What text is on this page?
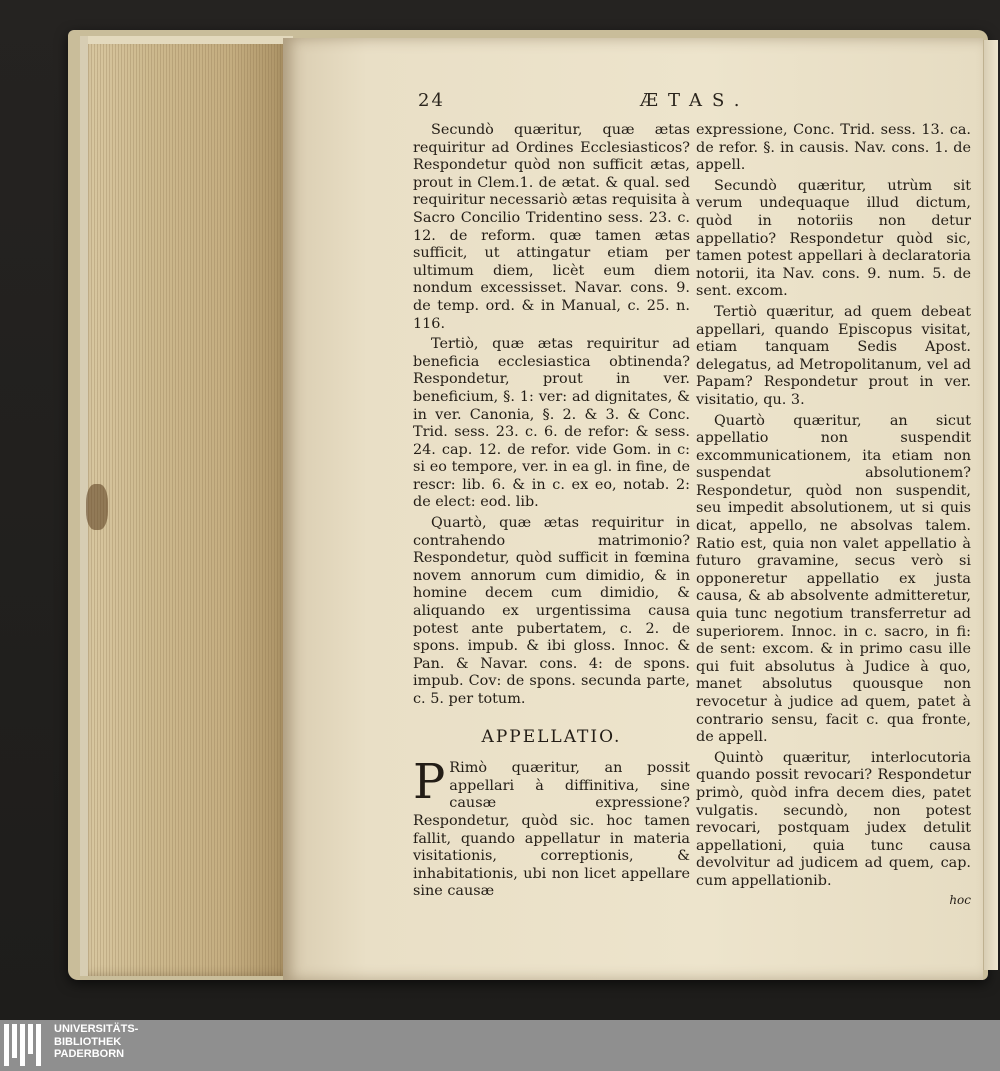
24	ÆTAS.

Secundò quæritur, quæ ætas requiritur ad Ordines Ecclesiasticos? Respondetur quòd non sufficit ætas, prout in Clem.1. de ætat. & qual. sed requiritur necessariò ætas requisita à Sacro Concilio Tridentino sess. 23. c. 12. de reform. quæ tamen ætas sufficit, ut attingatur etiam per ultimum diem, licèt eum diem nondum excessisset. Navar. cons. 9. de temp. ord. & in Manual, c. 25. n. 116.

Tertiò, quæ ætas requiritur ad beneficia ecclesiastica obtinenda? Respondetur, prout in ver. beneficium, §. 1: ver: ad dignitates, & in ver. Canonia, §. 2. & 3. & Conc. Trid. sess. 23. c. 6. de refor: & sess. 24. cap. 12. de refor. vide Gom. in c: si eo tempore, ver. in ea gl. in fine, de rescr: lib. 6. & in c. ex eo, notab. 2: de elect: eod. lib.

Quartò, quæ ætas requiritur in contrahendo matrimonio? Respondetur, quòd sufficit in fœmina novem annorum cum dimidio, & in homine decem cum dimidio, & aliquando ex urgentissima causa potest ante pubertatem, c. 2. de spons. impub. & ibi gloss. Innoc. & Pan. & Navar. cons. 4: de spons. impub. Cov: de spons. secunda parte, c. 5. per totum.

APPELLATIO.

P Rimò quæritur, an possit appellari à diffinitiva, sine causæ expressione? Respondetur, quòd sic. hoc tamen fallit, quando appellatur in materia visitationis, correptionis, & inhabitationis, ubi non licet appellare sine causæ

expressione, Conc. Trid. sess. 13. ca. de refor. §. in causis. Nav. cons. 1. de appell.

Secundò quæritur, utrùm sit verum undequaque illud dictum, quòd in notoriis non detur appellatio? Respondetur quòd sic, tamen potest appellari à declaratoria notorii, ita Nav. cons. 9. num. 5. de sent. excom.

Tertiò quæritur, ad quem debeat appellari, quando Episcopus visitat, etiam tanquam Sedis Apost. delegatus, ad Metropolitanum, vel ad Papam? Respondetur prout in ver. visitatio, qu. 3.

Quartò quæritur, an sicut appellatio non suspendit excommunicationem, ita etiam non suspendat absolutionem? Respondetur, quòd non suspendit, seu impedit absolutionem, ut si quis dicat, appello, ne absolvas talem. Ratio est, quia non valet appellatio à futuro gravamine, secus verò si opponeretur appellatio ex justa causa, & ab absolvente admitteretur, quia tunc negotium transferretur ad superiorem. Innoc. in c. sacro, in fi: de sent: excom. & in primo casu ille qui fuit absolutus à Judice à quo, manet absolutus quousque non revocetur à judice ad quem, patet à contrario sensu, facit c. qua fronte, de appell.

Quintò quæritur, interlocutoria quando possit revocari? Respondetur primò, quòd infra decem dies, patet vulgatis. secundò, non potest revocari, postquam judex detulit appellationi, quia tunc causa devolvitur ad judicem ad quem, cap. cum appellationib.

hoc
UNIVERSITÄTS-
BIBLIOTHEK
PADERBORN
